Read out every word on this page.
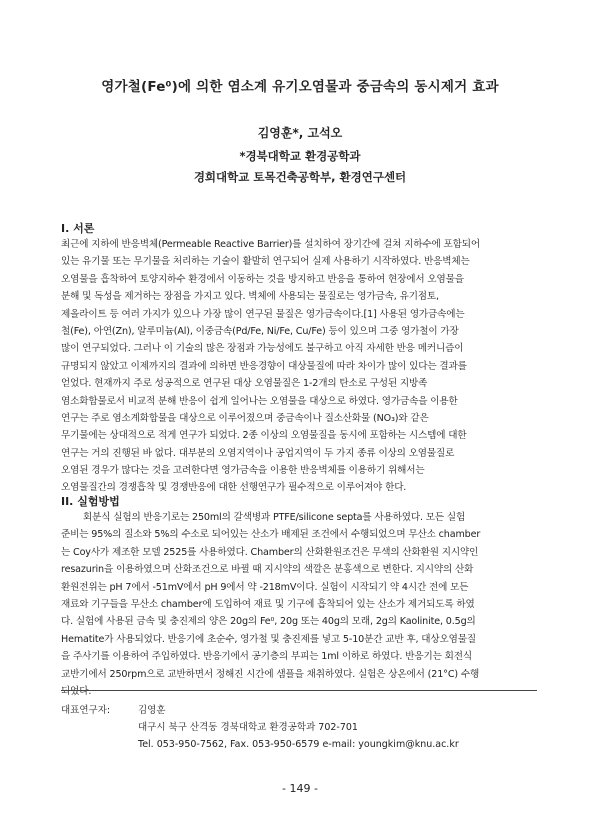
영가철(Fe⁰)에 의한 염소계 유기오염물과 중금속의 동시제거 효과
김영훈*, 고석오
*경북대학교 환경공학과
경희대학교 토목건축공학부, 환경연구센터
I. 서론
최근에 지하에 반응벽체(Permeable Reactive Barrier)를 설치하여 장기간에 걸쳐 지하수에 포함되어
있는 유기물 또는 무기물을 처리하는 기술이 활발히 연구되어 실제 사용하기 시작하였다. 반응벽체는
오염물을 흡착하여 토양지하수 환경에서 이동하는 것을 방지하고 반응을 통하여 현장에서 오염물을
분해 및 독성을 제거하는 장점을 가지고 있다. 벽체에 사용되는 물질로는 영가금속, 유기점토,
제올라이트 등 여러 가지가 있으나 가장 많이 연구된 물질은 영가금속이다.[1] 사용된 영가금속에는
철(Fe), 아연(Zn), 알루미늄(Al), 이중금속(Pd/Fe, Ni/Fe, Cu/Fe) 등이 있으며 그중 영가철이 가장
많이 연구되었다. 그러나 이 기술의 많은 장점과 가능성에도 불구하고 아직 자세한 반응 메커니즘이
규명되지 않았고 이제까지의 결과에 의하면 반응경향이 대상물질에 따라 차이가 많이 있다는 결과를
얻었다. 현재까지 주로 성공적으로 연구된 대상 오염물질은 1-2개의 탄소로 구성된 지방족
염소화합물로서 비교적 분해 반응이 쉽게 일어나는 오염물을 대상으로 하였다. 영가금속을 이용한
연구는 주로 염소계화합물을 대상으로 이루어졌으며 중금속이나 질소산화물 (NO₃)와 같은
무기물에는 상대적으로 적게 연구가 되었다. 2종 이상의 오염물질을 동시에 포함하는 시스템에 대한
연구는 거의 진행된 바 없다. 대부분의 오염지역이나 공업지역이 두 가지 종류 이상의 오염물질로
오염된 경우가 많다는 것을 고려한다면 영가금속을 이용한 반응벽체를 이용하기 위해서는
오염물질간의 경쟁흡착 및 경쟁반응에 대한 선행연구가 필수적으로 이루어져야 한다.
II. 실험방법
회분식 실험의 반응기로는 250ml의 갈색병과 PTFE/silicone septa를 사용하였다. 모든 실험
준비는 95%의 질소와 5%의 수소로 되어있는 산소가 배제된 조건에서 수행되었으며 무산소 chamber
는 Coy사가 제조한 모델 2525를 사용하였다. Chamber의 산화환원조건은 무색의 산화환원 지시약인
resazurin을 이용하였으며 산화조건으로 바뀔 때 지시약의 색깔은 분홍색으로 변한다. 지시약의 산화
환원전위는 pH 7에서 -51mV에서 pH 9에서 약 -218mV이다. 실험이 시작되기 약 4시간 전에 모든
재료와 기구들을 무산소 chamber에 도입하여 재료 및 기구에 흡착되어 있는 산소가 제거되도록 하였
다. 실험에 사용된 금속 및 충진제의 양은 20g의 Fe⁰, 20g 또는 40g의 모래, 2g의 Kaolinite, 0.5g의
Hematite가 사용되었다. 반응기에 초순수, 영가철 및 충진제를 넣고 5-10분간 교반 후, 대상오염물질
을 주사기를 이용하여 주입하였다. 반응기에서 공기층의 부피는 1ml 이하로 하였다. 반응기는 회전식
교반기에서 250rpm으로 교반하면서 정해진 시간에 샘플을 채취하였다. 실험은 상온에서 (21°C) 수행
되었다.
대표연구자:	김영훈
대구시 북구 산격동 경북대학교 환경공학과 702-701
Tel. 053-950-7562, Fax. 053-950-6579 e-mail: youngkim@knu.ac.kr
- 149 -
